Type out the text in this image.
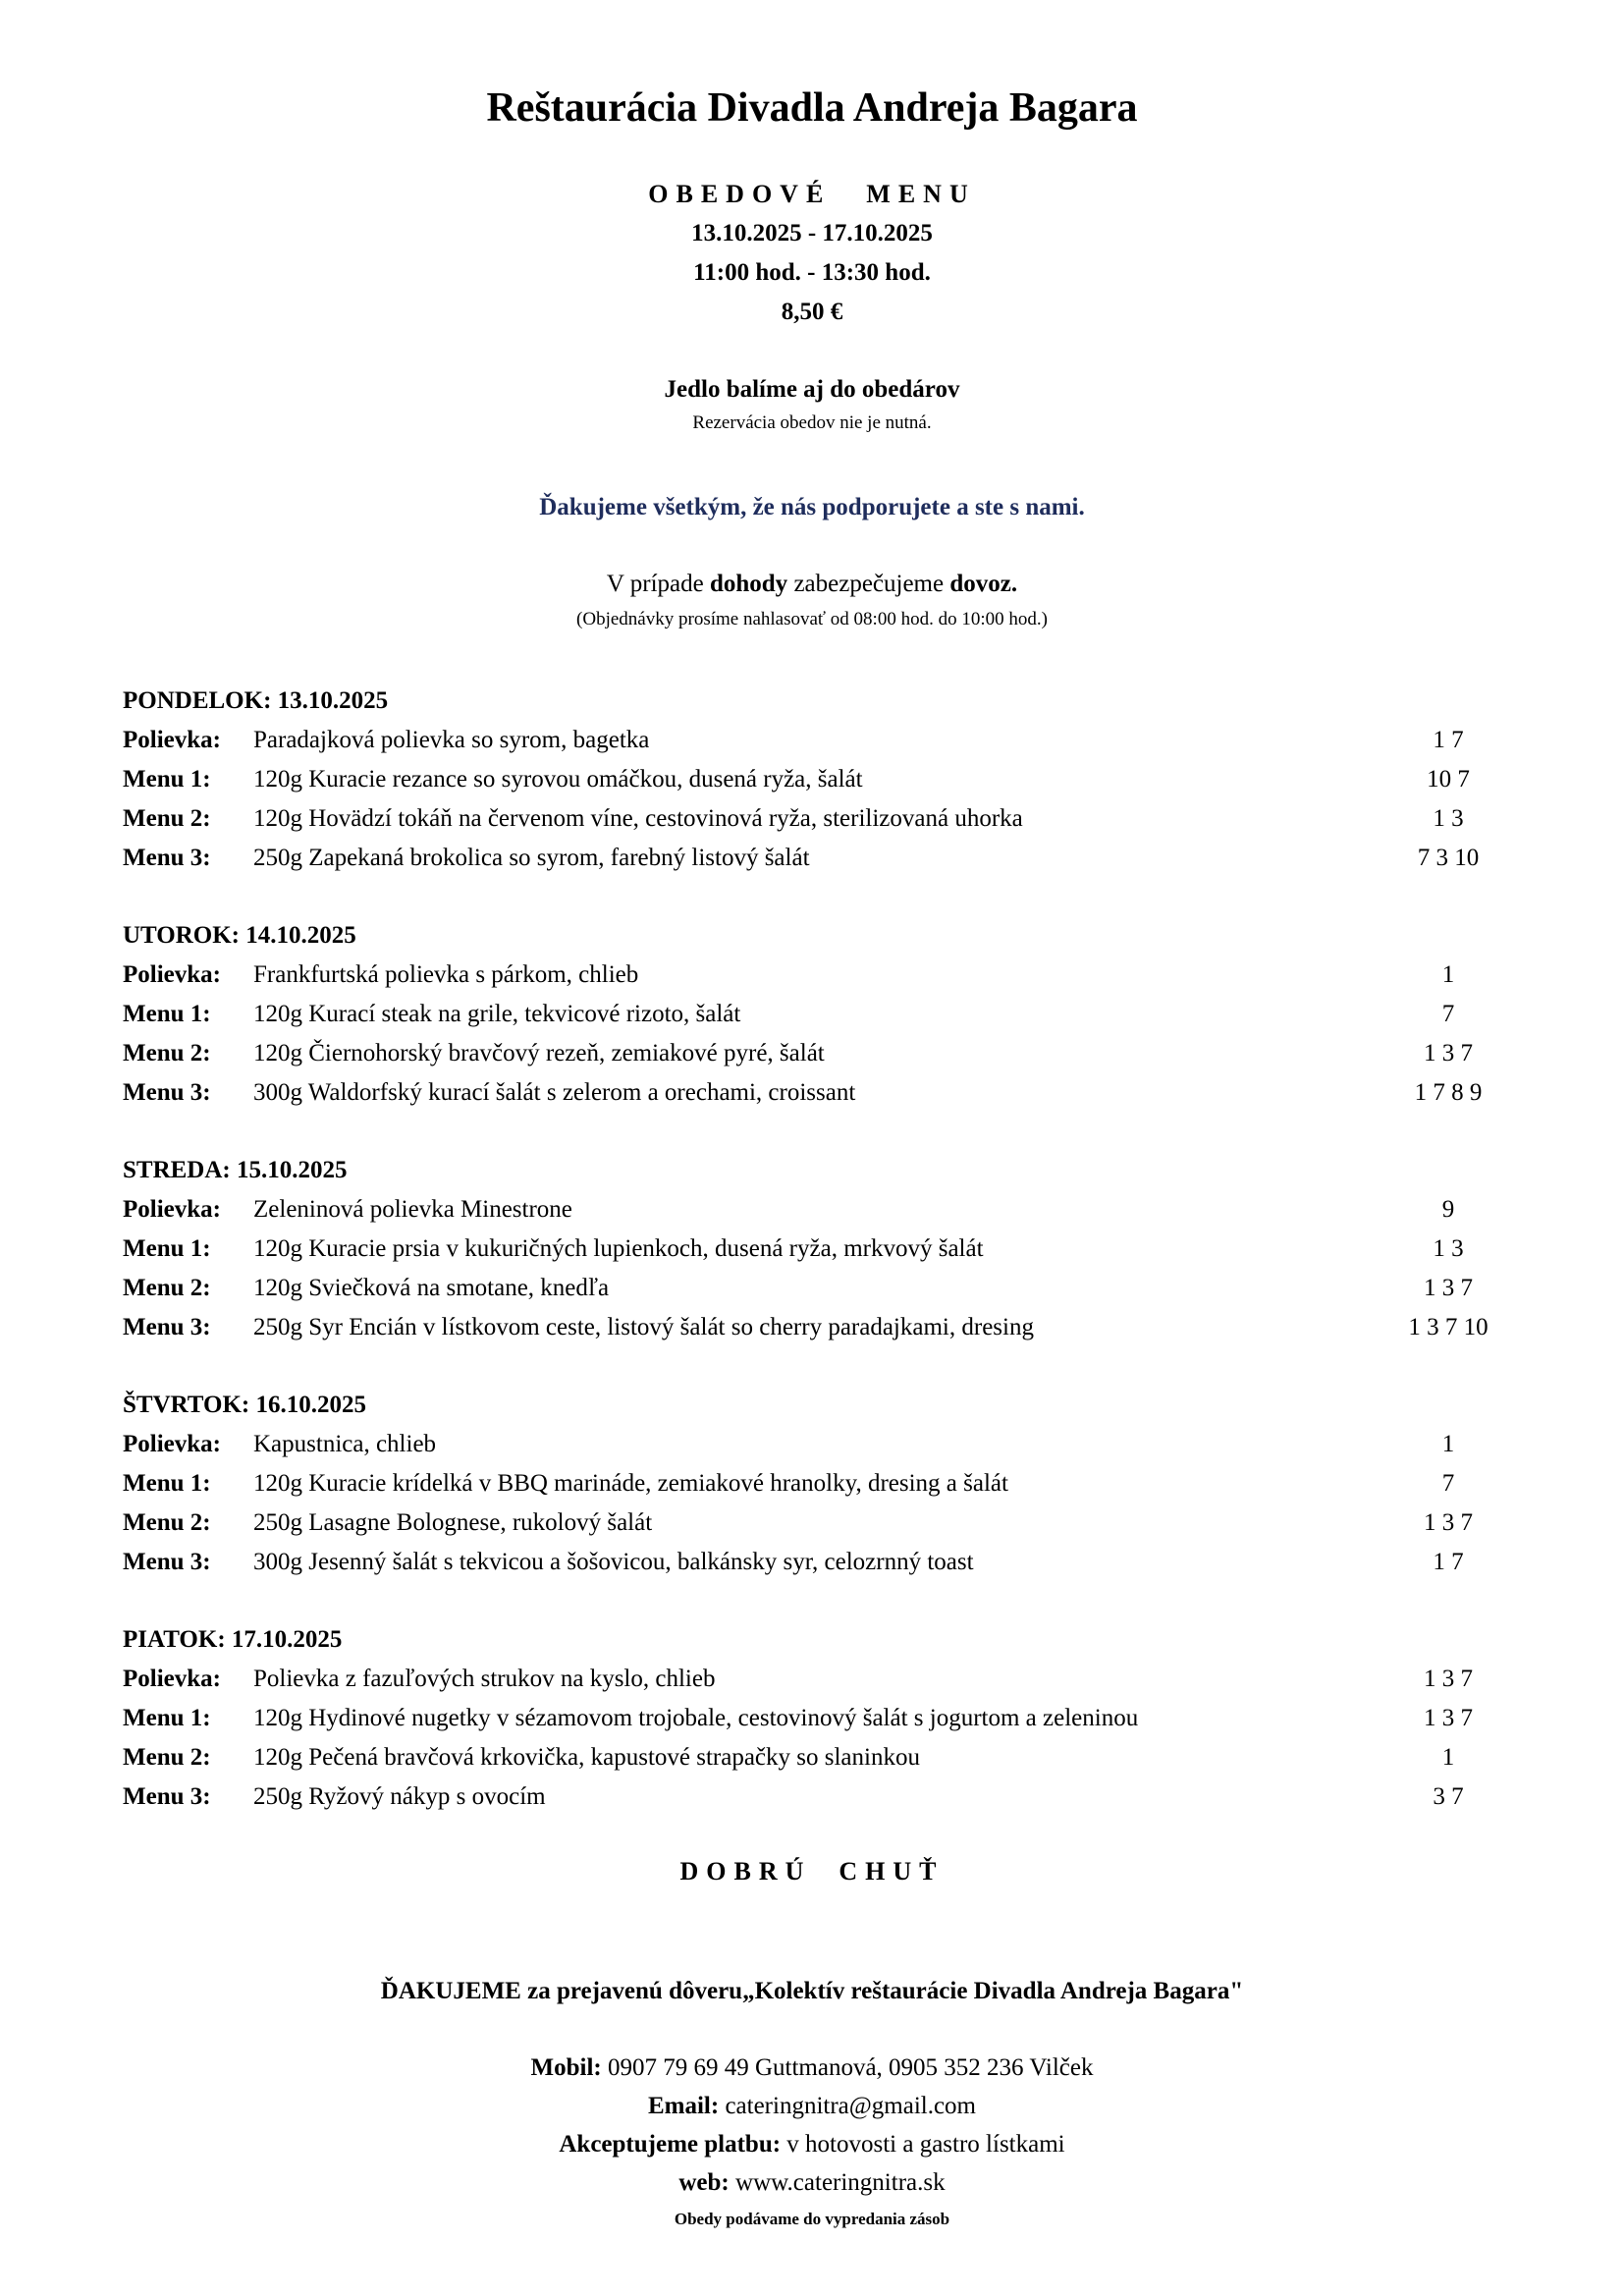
Reštaurácia Divadla Andreja Bagara
OBEDOVÉ MENU
13.10.2025 - 17.10.2025
11:00 hod. - 13:30 hod.
8,50 €
Jedlo balíme aj do obedárov
Rezervácia obedov nie je nutná.
Ďakujeme všetkým, že nás podporujete a ste s nami.
V prípade dohody zabezpečujeme dovoz.
(Objednávky prosíme nahlasovať od 08:00 hod. do 10:00 hod.)
PONDELOK: 13.10.2025
Polievka: Paradajková polievka so syrom, bagetka	1 7
Menu 1: 120g Kuracie rezance so syrovou omáčkou, dusená ryža, šalát	10 7
Menu 2: 120g Hovädzí tokáň na červenom víne, cestovinová ryža, sterilizovaná uhorka	1 3
Menu 3: 250g Zapekaná brokolica so syrom, farebný listový šalát	7 3 10
UTOROK: 14.10.2025
Polievka: Frankfurtská polievka s párkom, chlieb	1
Menu 1: 120g Kurací steak na grile, tekvicové rizoto, šalát	7
Menu 2: 120g Čiernohorský bravčový rezeň, zemiakové pyré, šalát	1 3 7
Menu 3: 300g Waldorfský kurací šalát s zelerom a orechami, croissant	1 7 8 9
STREDA: 15.10.2025
Polievka: Zeleninová polievka Minestrone	9
Menu 1: 120g Kuracie prsia v kukuričných lupienkoch, dusená ryža, mrkvový šalát	1 3
Menu 2: 120g Sviečková na smotane, knedľa	1 3 7
Menu 3: 250g Syr Encián v lístkovom ceste, listový šalát so cherry paradajkami, dresing	1 3 7 10
ŠTVRTOK: 16.10.2025
Polievka: Kapustnica, chlieb	1
Menu 1: 120g Kuracie krídelká v BBQ marináde, zemiakové hranolky, dresing a šalát	7
Menu 2: 250g Lasagne Bolognese, rukolový šalát	1 3 7
Menu 3: 300g Jesenný šalát s tekvicou a šošovicou, balkánsky syr, celozrnný toast	1 7
PIATOK: 17.10.2025
Polievka: Polievka z fazuľových strukov na kyslo, chlieb	1 3 7
Menu 1: 120g Hydinové nugetky v sézamovom trojobale, cestovinový šalát s jogurtom a zeleninou	1 3 7
Menu 2: 120g Pečená bravčová krkovička, kapustové strapačky so slaninkou	1
Menu 3: 250g Ryžový nákyp s ovocím	3 7
DOBRÚ CHUŤ
ĎAKUJEME za prejavenú dôveru„Kolektív reštaurácie Divadla Andreja Bagara"
Mobil: 0907 79 69 49 Guttmanová, 0905 352 236 Vilček
Email: cateringnitra@gmail.com
Akceptujeme platbu: v hotovosti a gastro lístkami
web: www.cateringnitra.sk
Obedy podávame do vypredania zásob
